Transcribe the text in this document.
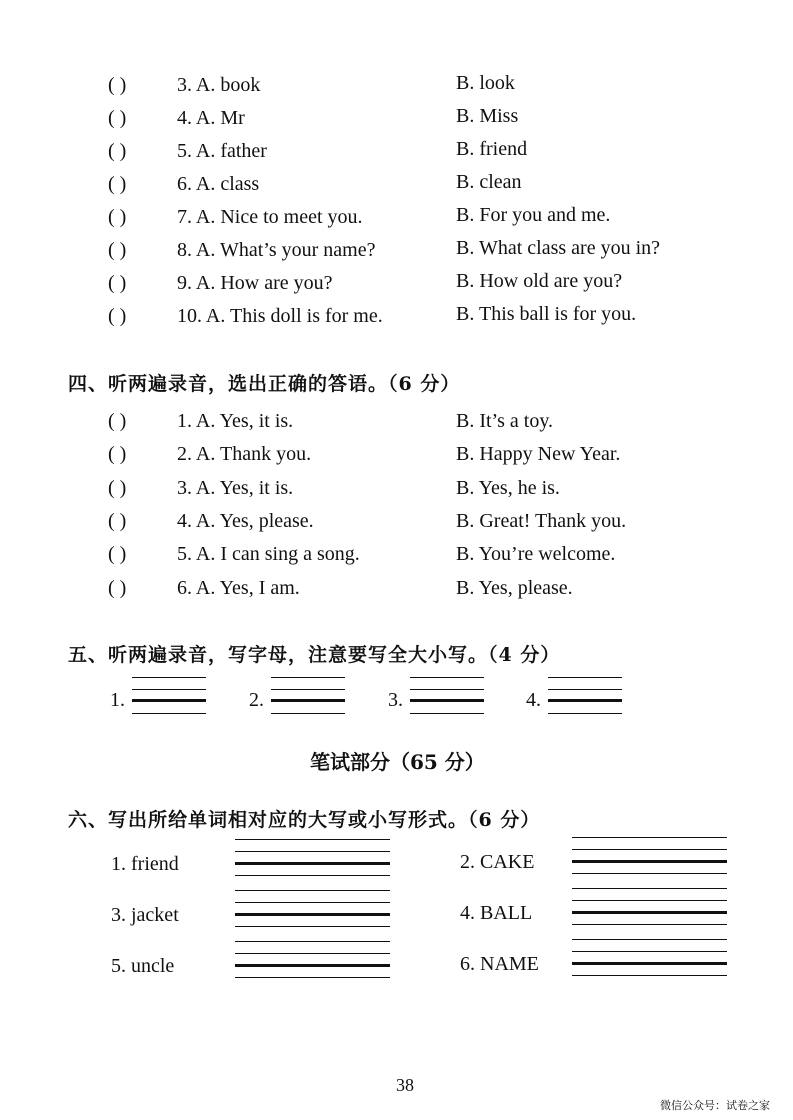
( )	3. A. book	B. look
( )	4. A. Mr	B. Miss
( )	5. A. father	B. friend
( )	6. A. class	B. clean
( )	7. A. Nice to meet you.	B. For you and me.
( )	8. A. What’s your name?	B. What class are you in?
( )	9. A. How are you?	B. How old are you?
( )	10. A. This doll is for me.	B. This ball is for you.
四、听两遍录音，选出正确的答语。（6 分）
( )	1. A. Yes, it is.	B. It’s a toy.
( )	2. A. Thank you.	B. Happy New Year.
( )	3. A. Yes, it is.	B. Yes, he is.
( )	4. A. Yes, please.	B. Great! Thank you.
( )	5. A. I can sing a song.	B. You’re welcome.
( )	6. A. Yes, I am.	B. Yes, please.
五、听两遍录音，写字母，注意要写全大小写。（4 分）
1.	2.	3.	4.
笔试部分（65 分）
六、写出所给单词相对应的大写或小写形式。（6 分）
1. friend
3. jacket
5. uncle
2. CAKE
4. BALL
6. NAME
38
微信公众号：试卷之家
